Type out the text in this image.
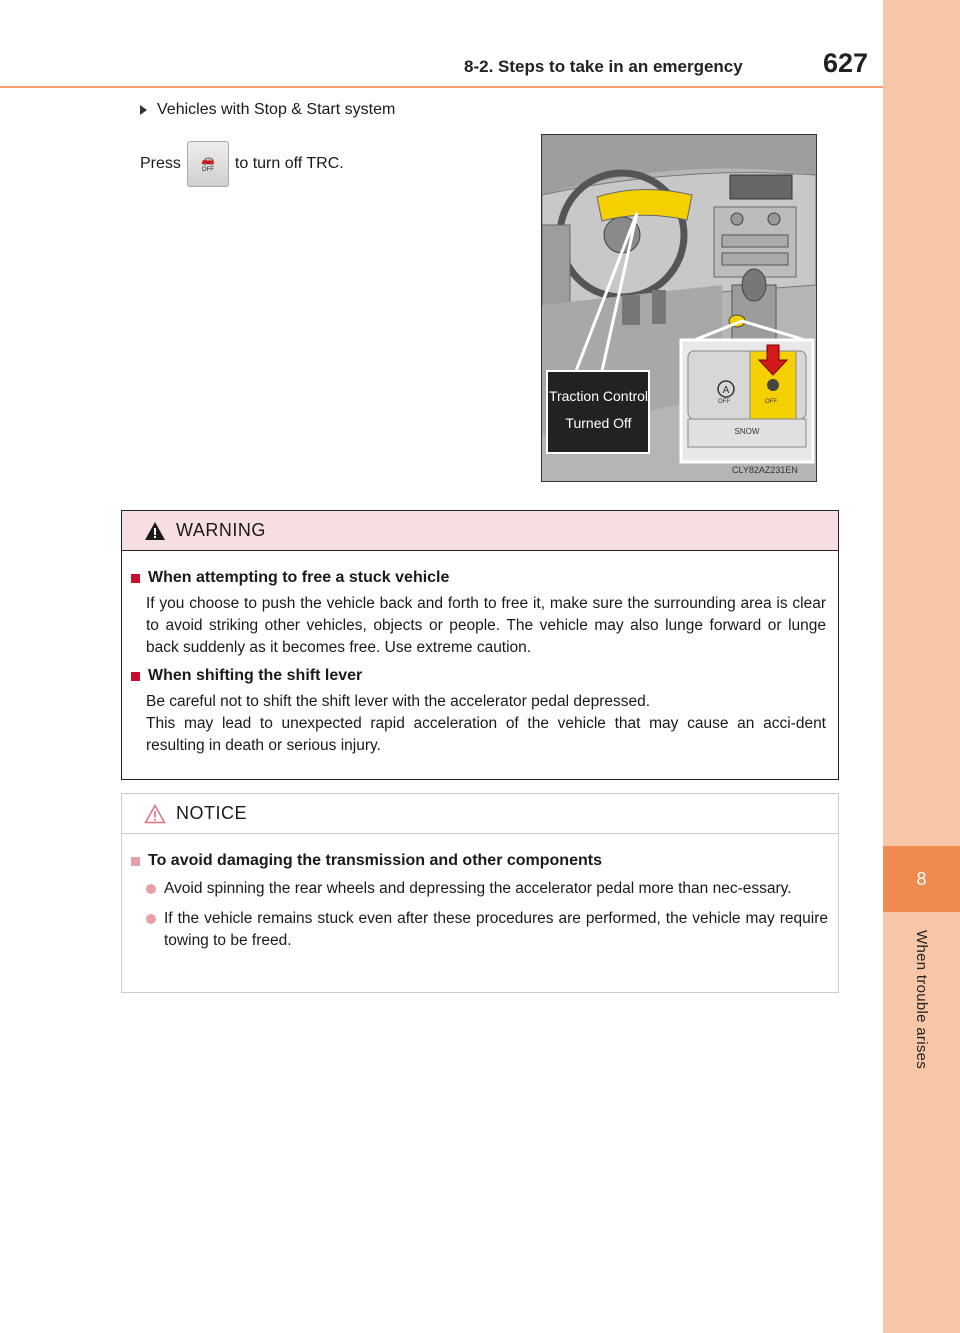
8
When trouble arises
8-2. Steps to take in an emergency	627
Vehicles with Stop & Start system
Press 🚗
OFF to turn off TRC.
A
Traction Control
Turned Off
OFF	OFF
SNOW
CLY82AZ231EN
WARNING
When attempting to free a stuck vehicle
If you choose to push the vehicle back and forth to free it, make sure the surrounding area is clear to avoid striking other vehicles, objects or people. The vehicle may also lunge forward or lunge back suddenly as it becomes free. Use extreme caution.
When shifting the shift lever
Be careful not to shift the shift lever with the accelerator pedal depressed.
This may lead to unexpected rapid acceleration of the vehicle that may cause an acci-dent resulting in death or serious injury.
NOTICE
To avoid damaging the transmission and other components
Avoid spinning the rear wheels and depressing the accelerator pedal more than nec-essary.
If the vehicle remains stuck even after these procedures are performed, the vehicle may require towing to be freed.
